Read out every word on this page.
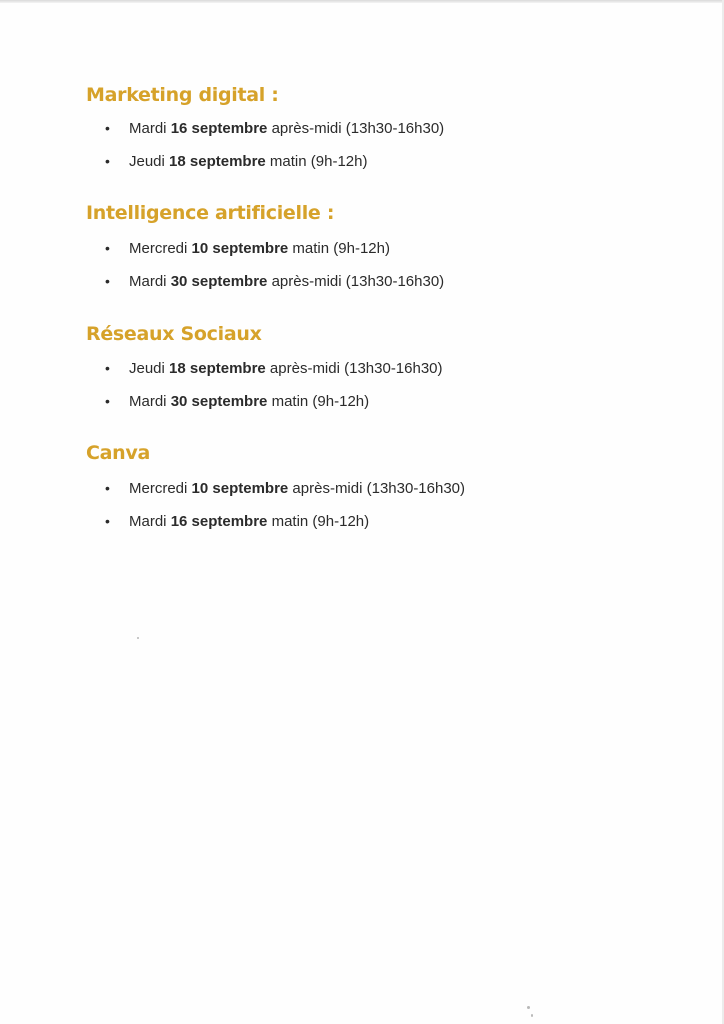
Marketing digital :
• Mardi 16 septembre après-midi (13h30-16h30)
• Jeudi 18 septembre matin (9h-12h)
Intelligence artificielle :
• Mercredi 10 septembre matin (9h-12h)
• Mardi 30 septembre après-midi (13h30-16h30)
Réseaux Sociaux
• Jeudi 18 septembre après-midi (13h30-16h30)
• Mardi 30 septembre matin (9h-12h)
Canva
• Mercredi 10 septembre après-midi (13h30-16h30)
• Mardi 16 septembre matin (9h-12h)
